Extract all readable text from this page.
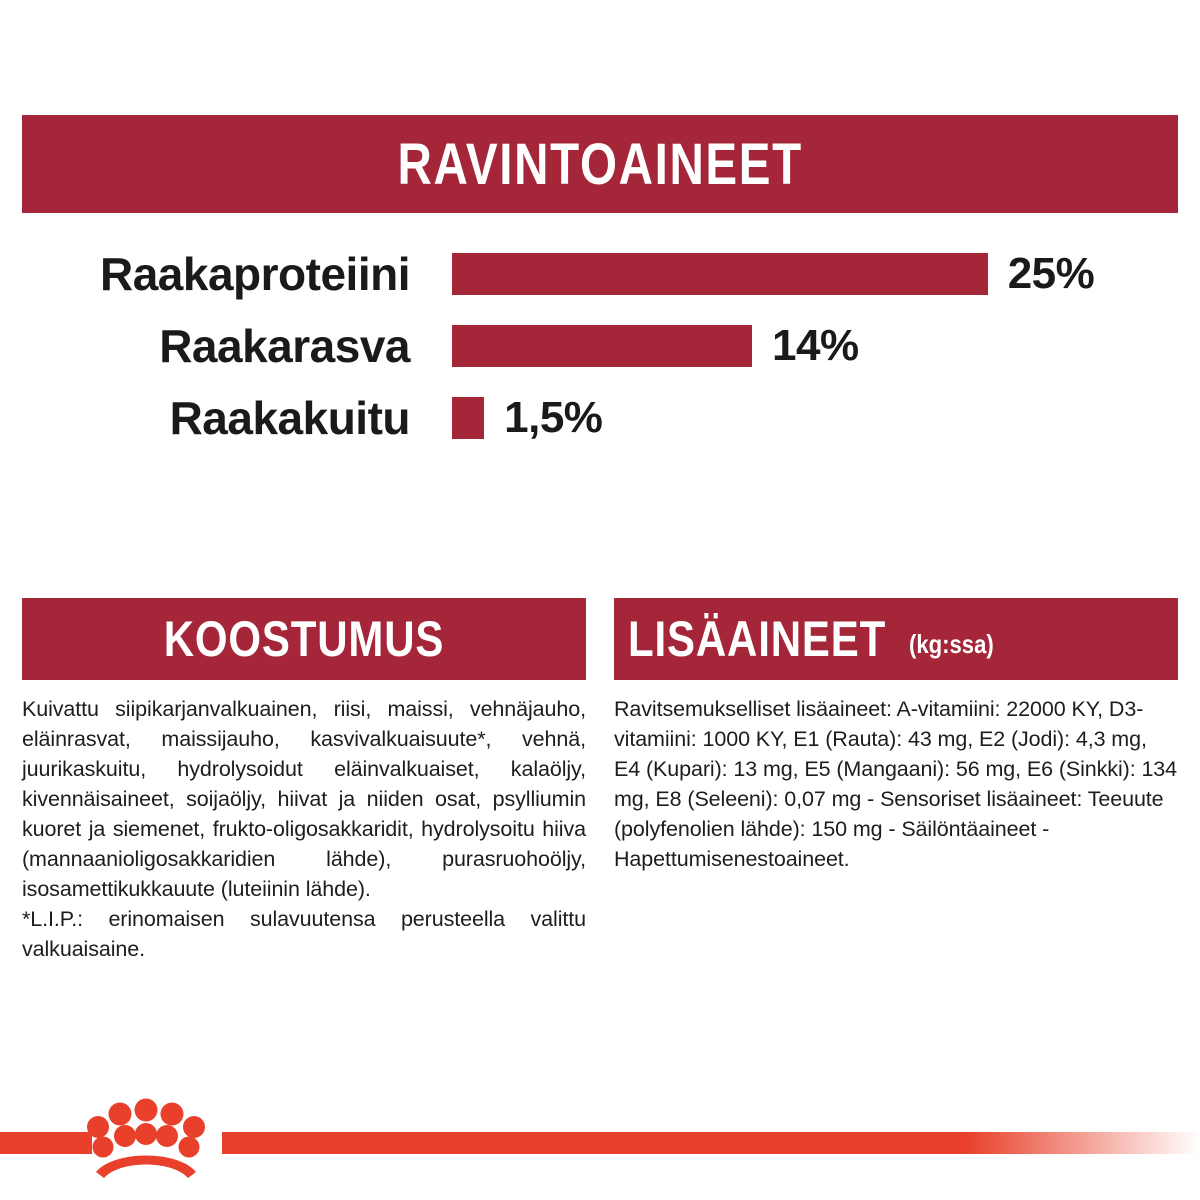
RAVINTOAINEET
Raakaproteiini	25%
Raakarasva	14%
Raakakuitu 1,5%
KOOSTUMUS

Kuivattu siipikarjanvalkuainen, riisi, maissi, vehnäjauho, eläinrasvat, maissijauho, kasvivalkuaisuute*, vehnä, juurikaskuitu, hydrolysoidut eläinvalkuaiset, kalaöljy, kivennäisaineet, soijaöljy, hiivat ja niiden osat, psylliumin kuoret ja siemenet, frukto-oligosakkaridit, hydrolysoitu hiiva (mannaanioligosakkaridien lähde), purasruohoöljy, isosamettikukkauute (luteiinin lähde).

*L.I.P.: erinomaisen sulavuutensa perusteella valittu valkuaisaine.

LISÄAINEET (kg:ssa)

Ravitsemukselliset lisäaineet: A-vitamiini: 22000 KY, D3-vitamiini: 1000 KY, E1 (Rauta): 43 mg, E2 (Jodi): 4,3 mg, E4 (Kupari): 13 mg, E5 (Mangaani): 56 mg, E6 (Sinkki): 134 mg, E8 (Seleeni): 0,07 mg - Sensoriset lisäaineet: Teeuute (polyfenolien lähde): 150 mg - Säilöntäaineet - Hapettumisenestoaineet.
